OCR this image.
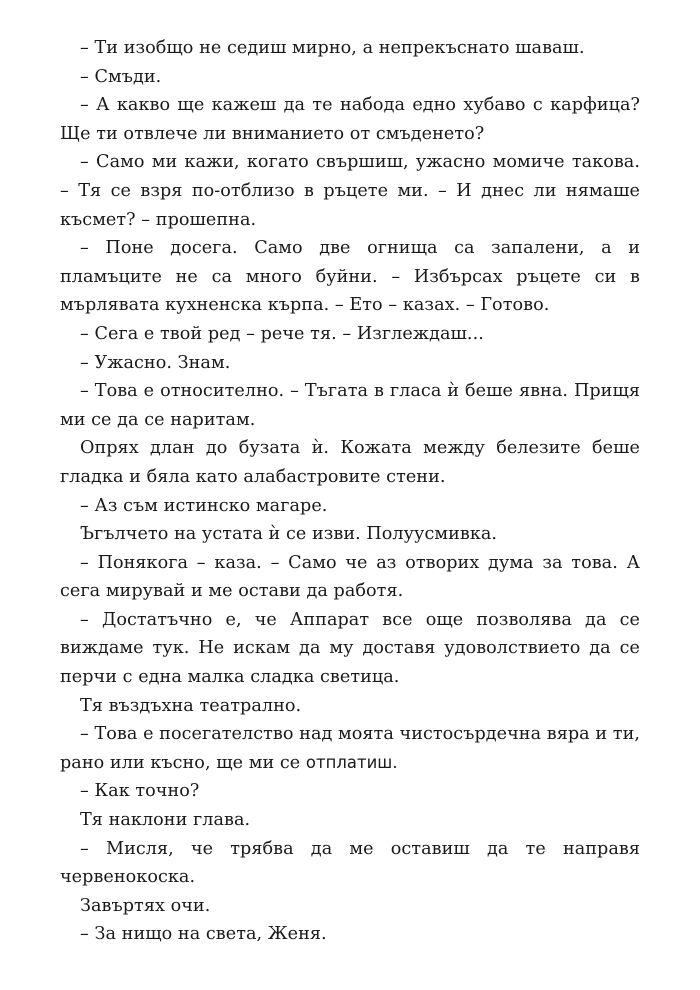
– Ти изобщо не седиш мирно, а непрекъснато шаваш.

– Смъди.

– А какво ще кажеш да те набода едно хубаво с карфица? Ще ти отвлече ли вниманието от смъденето?

– Само ми кажи, когато свършиш, ужасно момиче такова. – Тя се взря по-отблизо в ръцете ми. – И днес ли нямаше късмет? – прошепна.

– Поне досега. Само две огнища са запалени, а и пламъците не са много буйни. – Избърсах ръцете си в мърлявата кухненска кърпа. – Ето – казах. – Готово.

– Сега е твой ред – рече тя. – Изглеждаш...

– Ужасно. Знам.

– Това е относително. – Тъгата в гласа ѝ беше явна. Прищя ми се да се наритам.

Опрях длан до бузата ѝ. Кожата между белезите беше гладка и бяла като алабастровите стени.

– Аз съм истинско магаре.

Ъгълчето на устата ѝ се изви. Полуусмивка.

– Понякога – каза. – Само че аз отворих дума за това. А сега мирувай и ме остави да работя.

– Достатъчно е, че Аппарат все още позволява да се виждаме тук. Не искам да му доставя удоволствието да се перчи с една малка сладка светица.

Тя въздъхна театрално.

– Това е посегателство над моята чистосърдечна вяра и ти, рано или късно, ще ми се отплатиш.

– Как точно?

Тя наклони глава.

– Мисля, че трябва да ме оставиш да те направя червенокоска.

Завъртях очи.

– За нищо на света, Женя.
